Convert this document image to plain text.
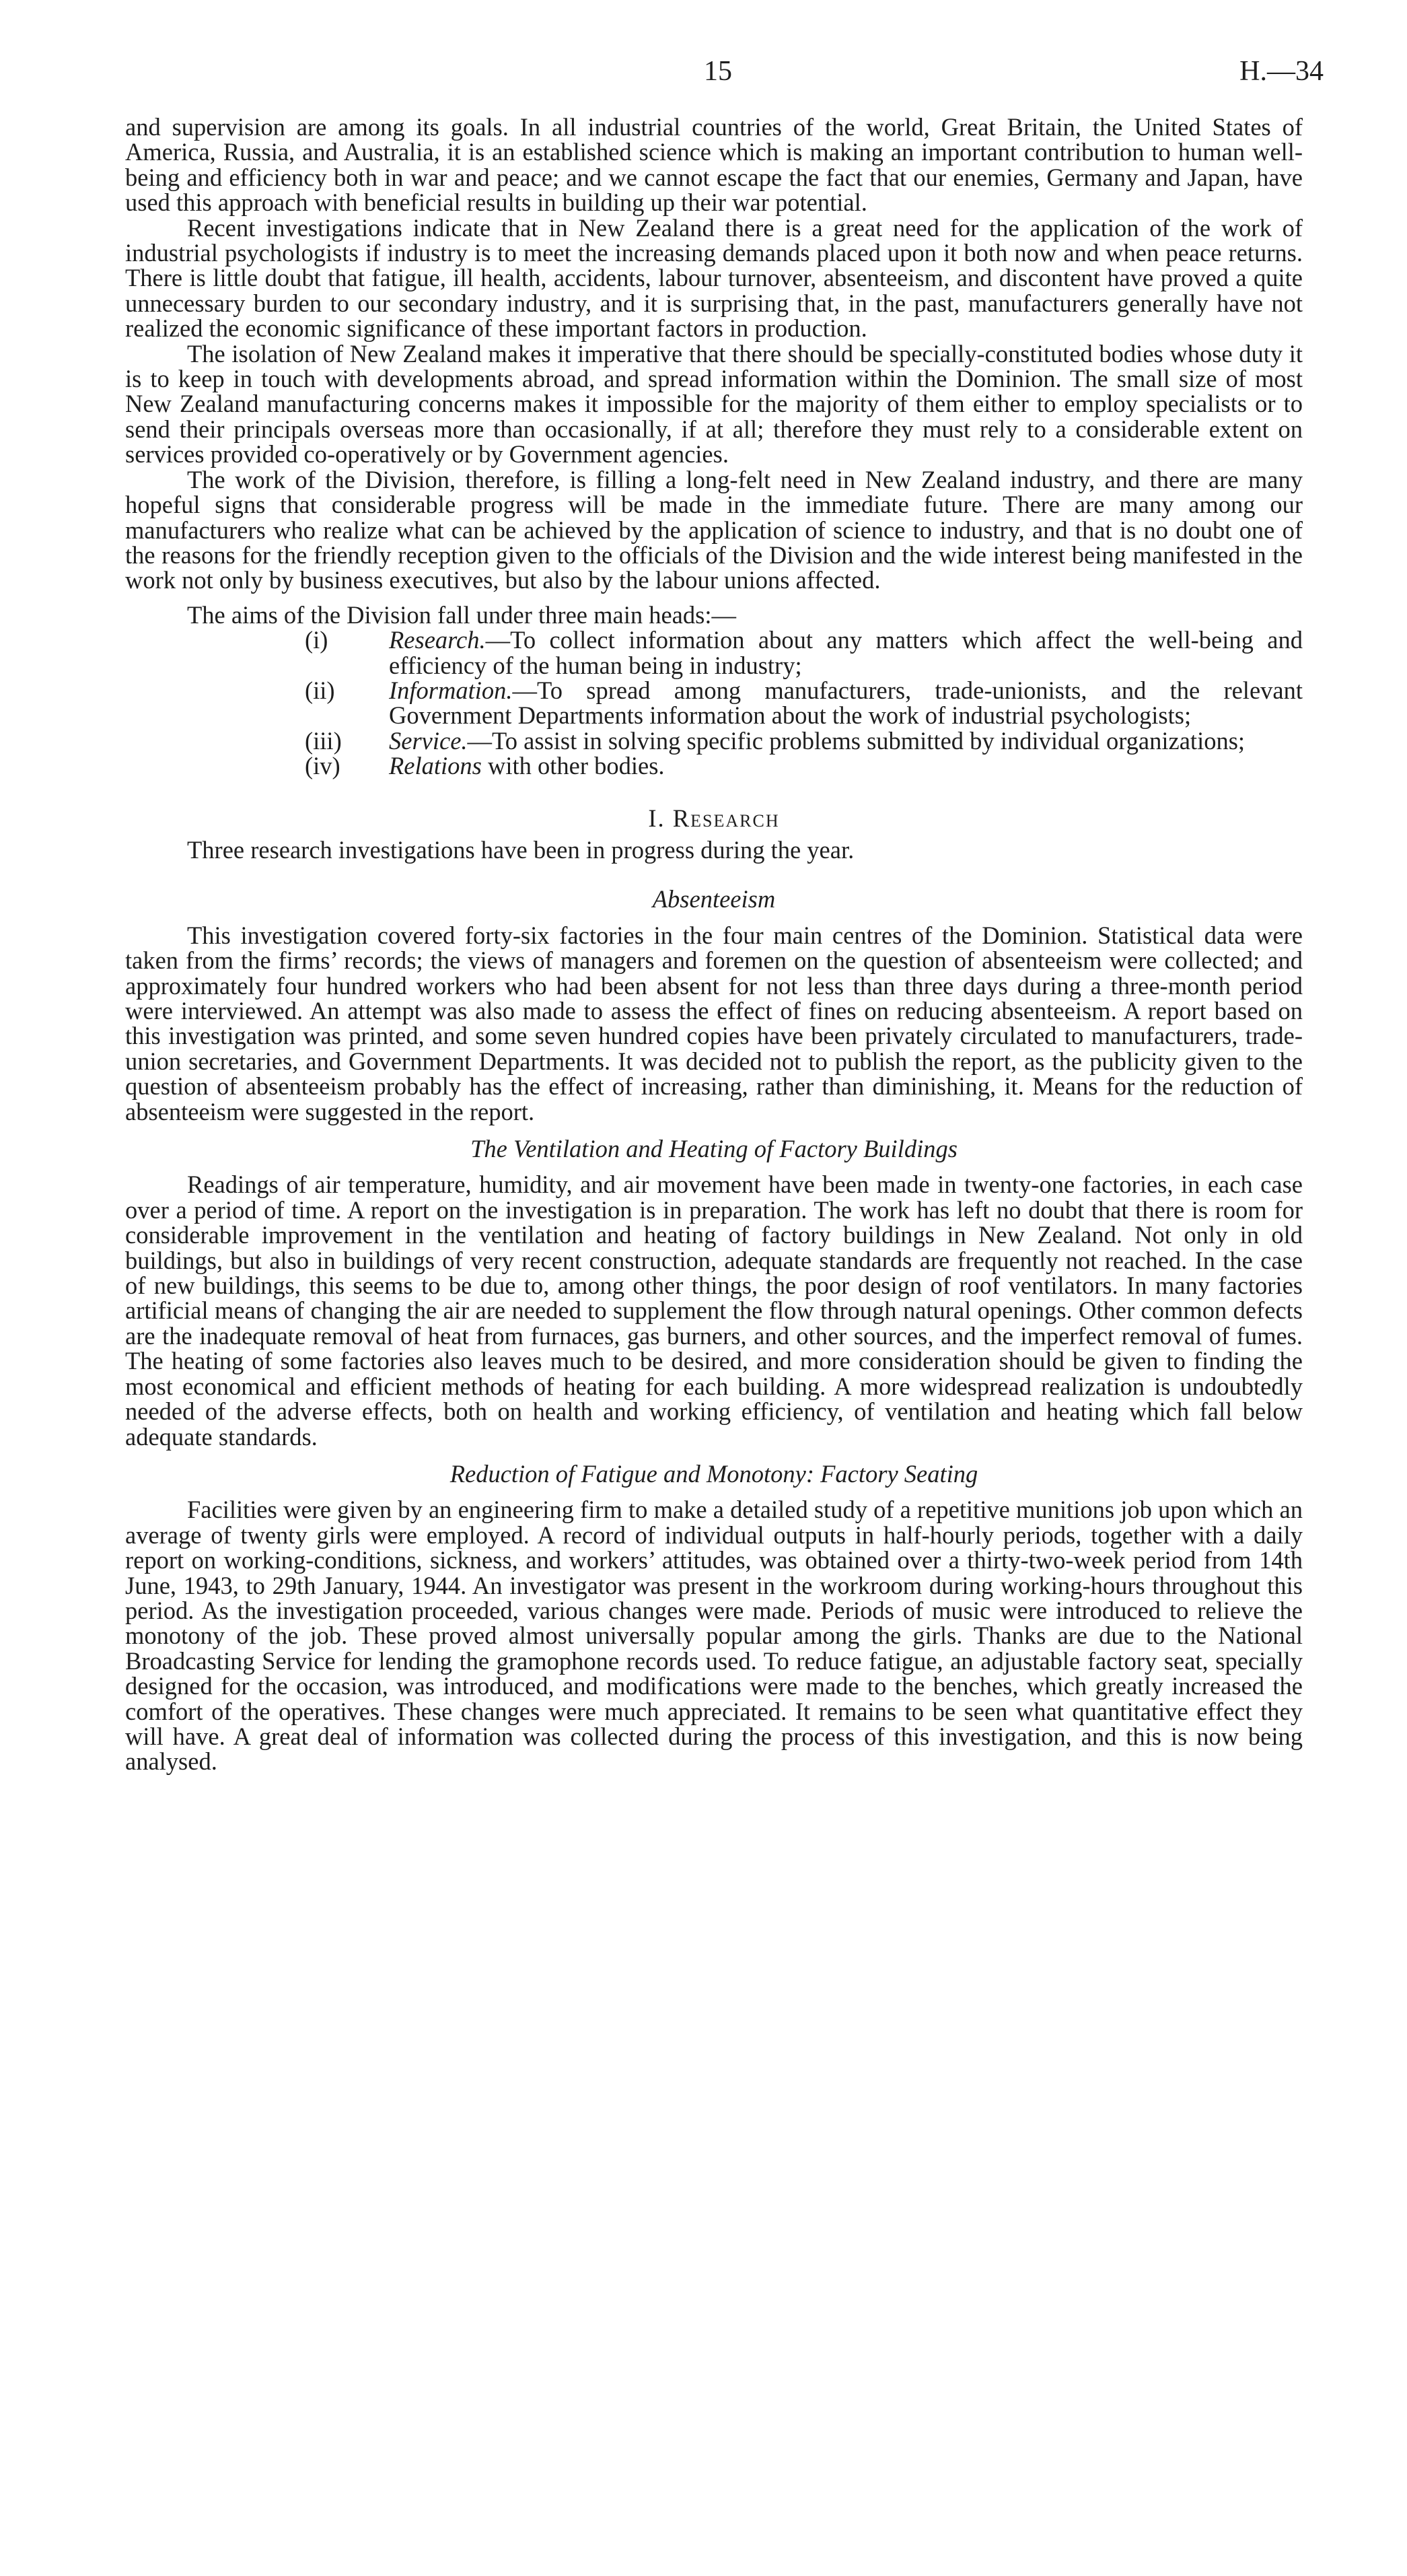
15	H.—34

and supervision are among its goals. In all industrial countries of the world, Great Britain, the United States of America, Russia, and Australia, it is an established science which is making an important contribution to human well-being and efficiency both in war and peace; and we cannot escape the fact that our enemies, Germany and Japan, have used this approach with beneficial results in building up their war potential.

Recent investigations indicate that in New Zealand there is a great need for the application of the work of industrial psychologists if industry is to meet the increasing demands placed upon it both now and when peace returns. There is little doubt that fatigue, ill health, accidents, labour turnover, absenteeism, and discontent have proved a quite unnecessary burden to our secondary industry, and it is surprising that, in the past, manufacturers generally have not realized the economic significance of these important factors in production.

The isolation of New Zealand makes it imperative that there should be specially-constituted bodies whose duty it is to keep in touch with developments abroad, and spread information within the Dominion. The small size of most New Zealand manufacturing concerns makes it impossible for the majority of them either to employ specialists or to send their principals overseas more than occasionally, if at all; therefore they must rely to a considerable extent on services provided co-operatively or by Government agencies.

The work of the Division, therefore, is filling a long-felt need in New Zealand industry, and there are many hopeful signs that considerable progress will be made in the immediate future. There are many among our manufacturers who realize what can be achieved by the application of science to industry, and that is no doubt one of the reasons for the friendly reception given to the officials of the Division and the wide interest being manifested in the work not only by business executives, but also by the labour unions affected.

The aims of the Division fall under three main heads:—

(i) Research.—To collect information about any matters which affect the well-being and efficiency of the human being in industry;

(ii) Information.—To spread among manufacturers, trade-unionists, and the relevant Government Departments information about the work of industrial psychologists;

(iii) Service.—To assist in solving specific problems submitted by individual organizations;

(iv) Relations with other bodies.

I. Research

Three research investigations have been in progress during the year.

Absenteeism

This investigation covered forty-six factories in the four main centres of the Dominion. Statistical data were taken from the firms’ records; the views of managers and foremen on the question of absenteeism were collected; and approximately four hundred workers who had been absent for not less than three days during a three-month period were interviewed. An attempt was also made to assess the effect of fines on reducing absenteeism. A report based on this investigation was printed, and some seven hundred copies have been privately circulated to manufacturers, trade-union secretaries, and Government Departments. It was decided not to publish the report, as the publicity given to the question of absenteeism probably has the effect of increasing, rather than diminishing, it. Means for the reduction of absenteeism were suggested in the report.

The Ventilation and Heating of Factory Buildings

Readings of air temperature, humidity, and air movement have been made in twenty-one factories, in each case over a period of time. A report on the investigation is in preparation. The work has left no doubt that there is room for considerable improvement in the ventilation and heating of factory buildings in New Zealand. Not only in old buildings, but also in buildings of very recent construction, adequate standards are frequently not reached. In the case of new buildings, this seems to be due to, among other things, the poor design of roof ventilators. In many factories artificial means of changing the air are needed to supplement the flow through natural openings. Other common defects are the inadequate removal of heat from furnaces, gas burners, and other sources, and the imperfect removal of fumes. The heating of some factories also leaves much to be desired, and more consideration should be given to finding the most economical and efficient methods of heating for each building. A more widespread realization is undoubtedly needed of the adverse effects, both on health and working efficiency, of ventilation and heating which fall below adequate standards.

Reduction of Fatigue and Monotony: Factory Seating

Facilities were given by an engineering firm to make a detailed study of a repetitive munitions job upon which an average of twenty girls were employed. A record of individual outputs in half-hourly periods, together with a daily report on working-conditions, sickness, and workers’ attitudes, was obtained over a thirty-two-week period from 14th June, 1943, to 29th January, 1944. An investigator was present in the workroom during working-hours throughout this period. As the investigation proceeded, various changes were made. Periods of music were introduced to relieve the monotony of the job. These proved almost universally popular among the girls. Thanks are due to the National Broadcasting Service for lending the gramophone records used. To reduce fatigue, an adjustable factory seat, specially designed for the occasion, was introduced, and modifications were made to the benches, which greatly increased the comfort of the operatives. These changes were much appreciated. It remains to be seen what quantitative effect they will have. A great deal of information was collected during the process of this investigation, and this is now being analysed.
